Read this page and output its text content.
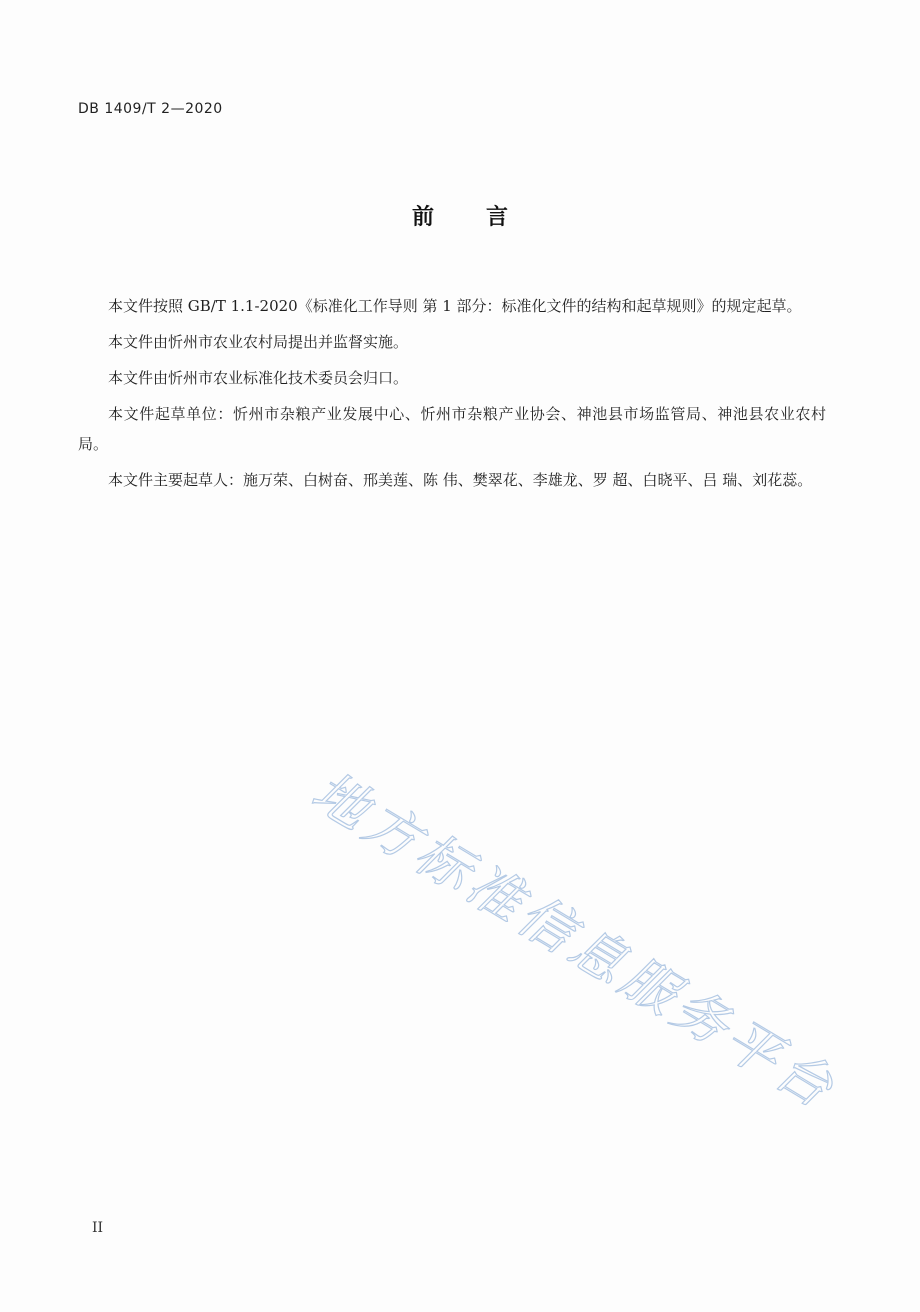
DB 1409/T 2—2020
前言

本文件按照 GB/T 1.1-2020《标准化工作导则 第 1 部分：标准化文件的结构和起草规则》的规定起草。

本文件由忻州市农业农村局提出并监督实施。

本文件由忻州市农业标准化技术委员会归口。

本文件起草单位：忻州市杂粮产业发展中心、忻州市杂粮产业协会、神池县市场监管局、神池县农业农村局。

本文件主要起草人：施万荣、白树奋、邢美莲、陈 伟、樊翠花、李雄龙、罗 超、白晓平、吕 瑞、刘花蕊。

地方标准信息服务平台
II
